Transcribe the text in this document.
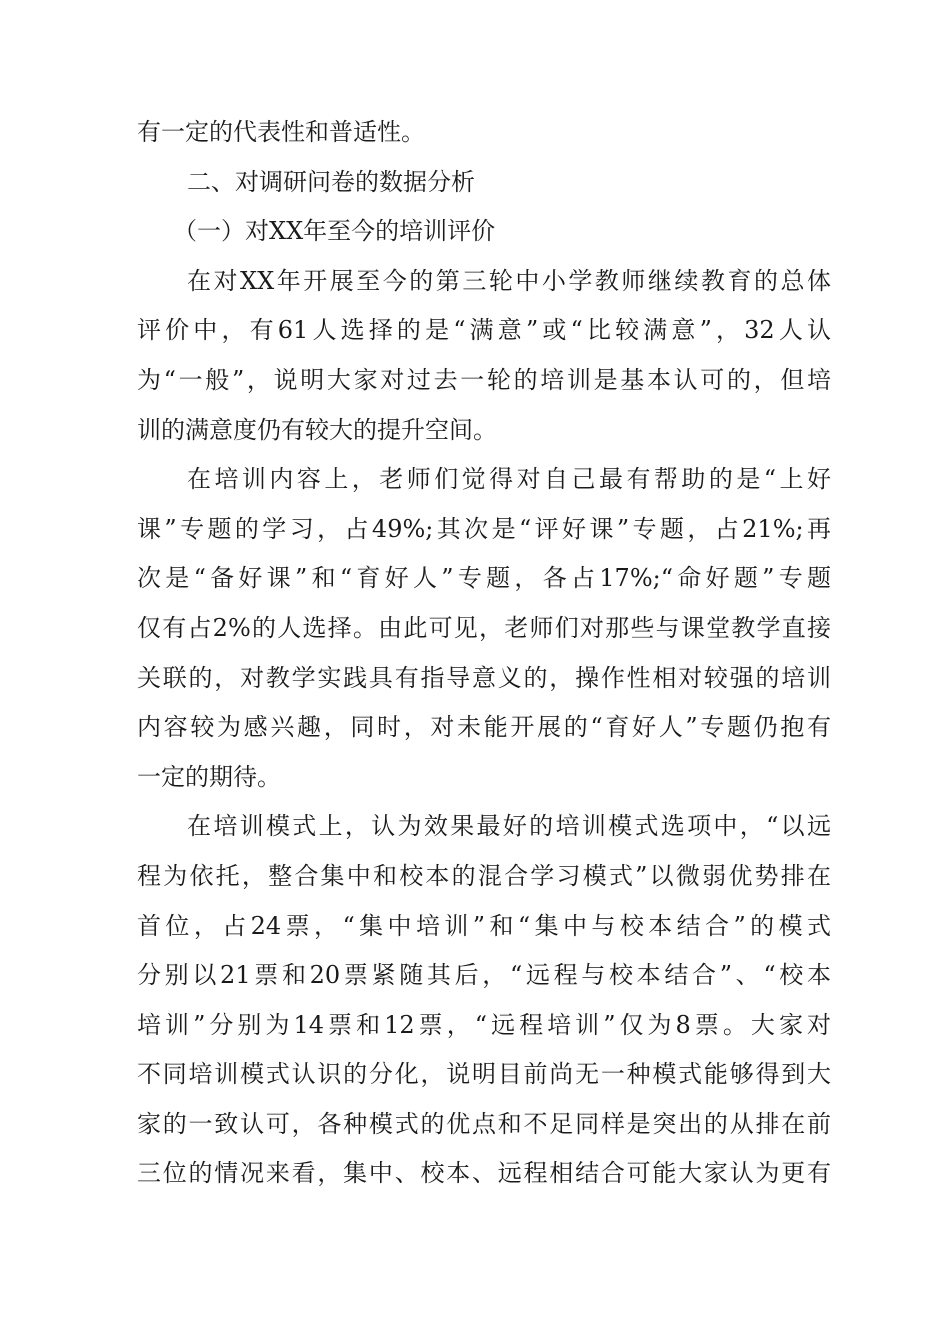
有一定的代表性和普适性。
二、对调研问卷的数据分析
（一）对XX年至今的培训评价
在对XX年开展至今的第三轮中小学教师继续教育的总体
评价中，有61人选择的是“满意”或“比较满意”，32人认
为“一般”，说明大家对过去一轮的培训是基本认可的，但培
训的满意度仍有较大的提升空间。
在培训内容上，老师们觉得对自己最有帮助的是“上好
课”专题的学习，占49%;其次是“评好课”专题，占21%;再
次是“备好课”和“育好人”专题，各占17%;“命好题”专题
仅有占2%的人选择。由此可见，老师们对那些与课堂教学直接
关联的，对教学实践具有指导意义的，操作性相对较强的培训
内容较为感兴趣，同时，对未能开展的“育好人”专题仍抱有
一定的期待。
在培训模式上，认为效果最好的培训模式选项中，“以远
程为依托，整合集中和校本的混合学习模式”以微弱优势排在
首位，占24票，“集中培训”和“集中与校本结合”的模式
分别以21票和20票紧随其后，“远程与校本结合”、“校本
培训”分别为14票和12票，“远程培训”仅为8票。大家对
不同培训模式认识的分化，说明目前尚无一种模式能够得到大
家的一致认可，各种模式的优点和不足同样是突出的从排在前
三位的情况来看，集中、校本、远程相结合可能大家认为更有
